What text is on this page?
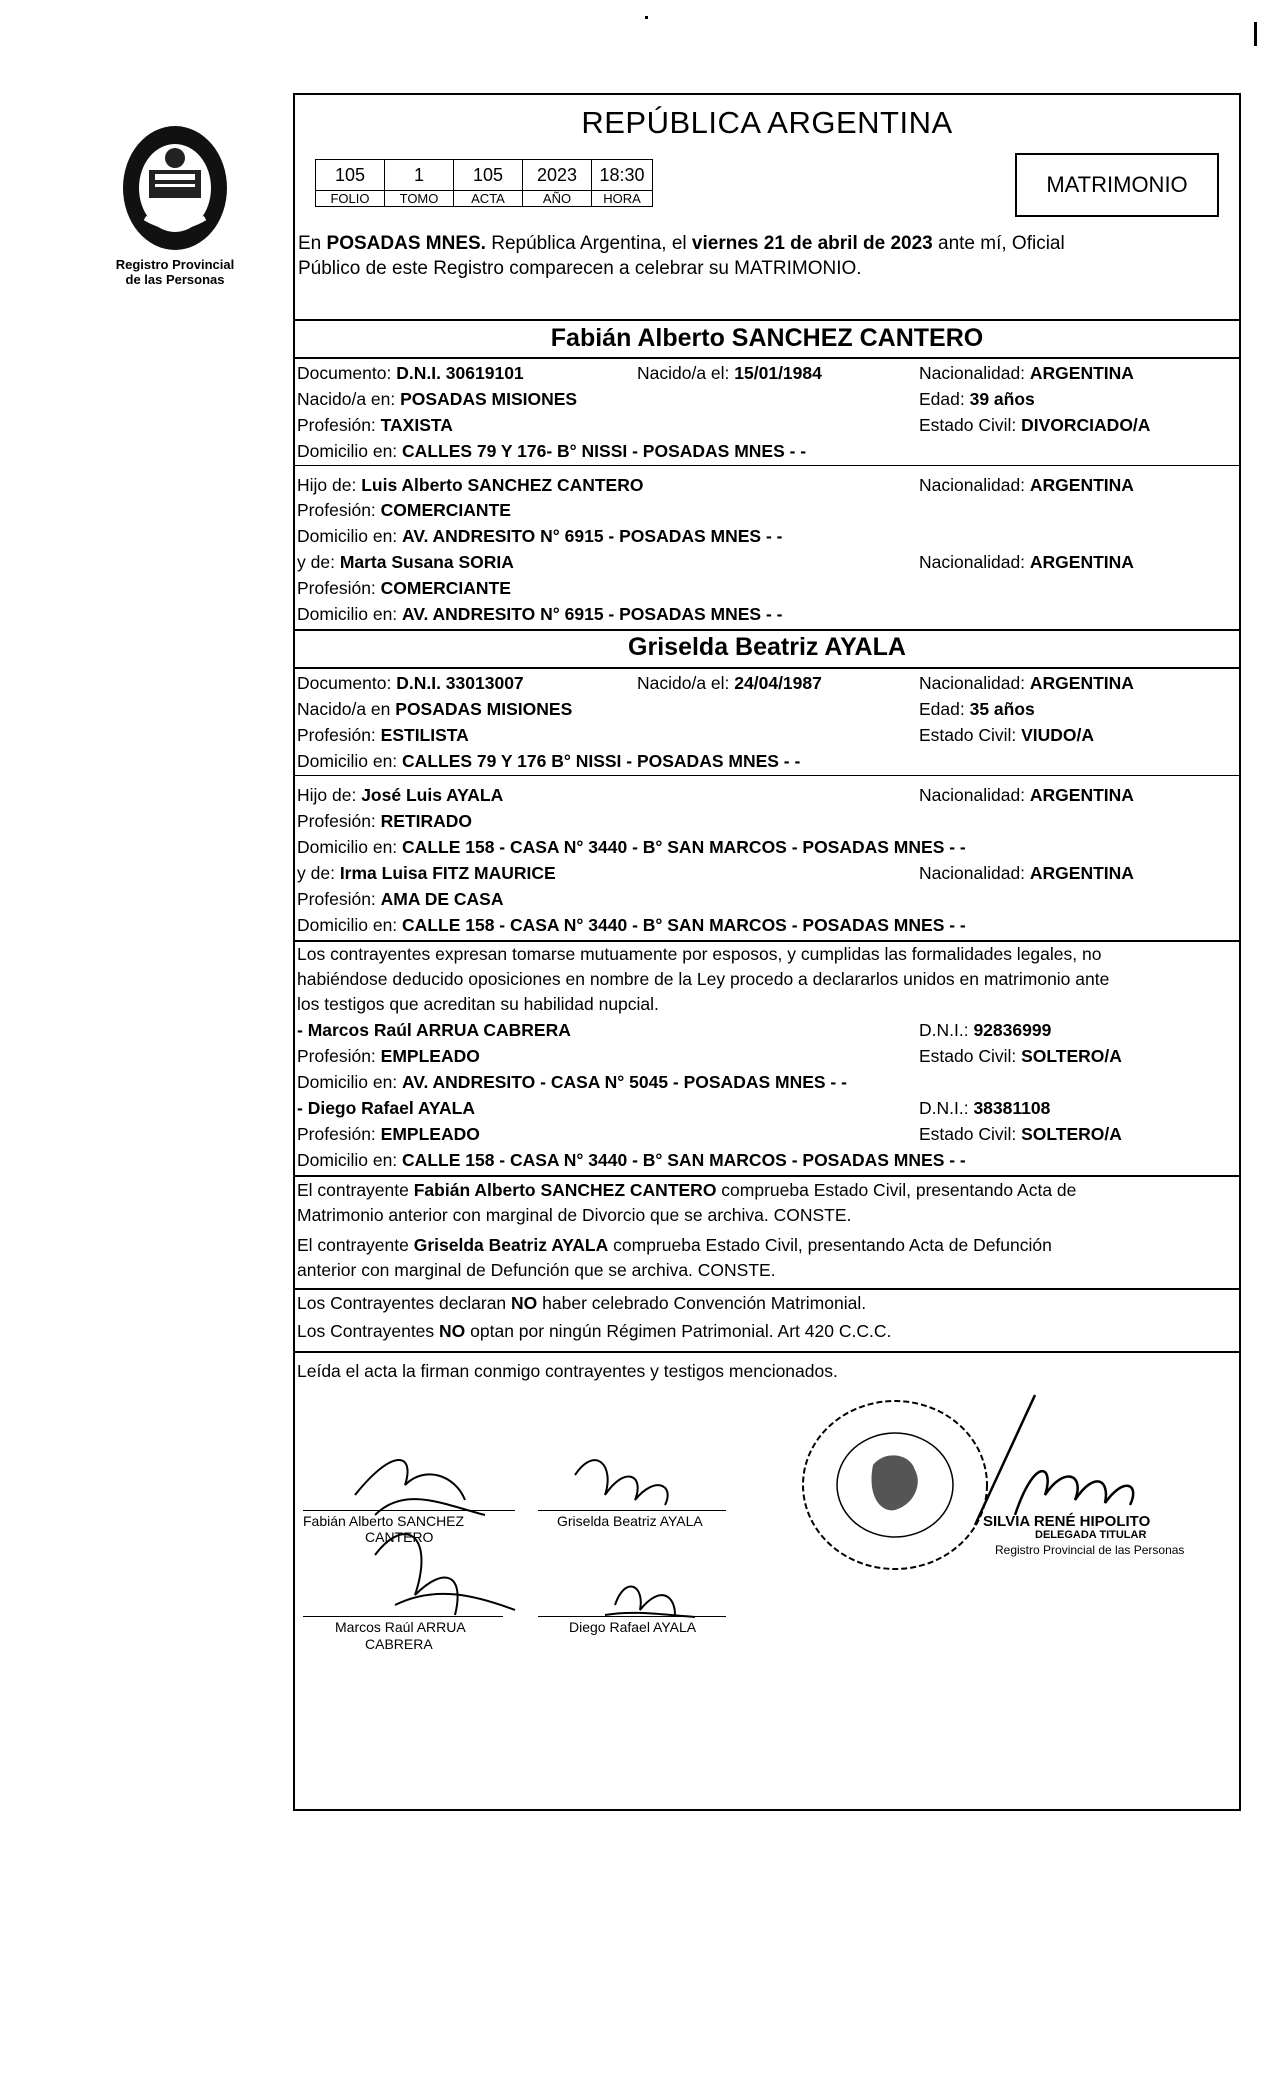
Registro Provincial
de las Personas
REPÚBLICA ARGENTINA
105	1	105	2023	18:30
FOLIO	TOMO	ACTA	AÑO	HORA
MATRIMONIO
En POSADAS MNES. República Argentina, el viernes 21 de abril de 2023 ante mí, Oficial
Público de este Registro comparecen a celebrar su MATRIMONIO.
Fabián Alberto SANCHEZ CANTERO
Documento: D.N.I. 30619101	Nacido/a el: 15/01/1984	Nacionalidad: ARGENTINA
Nacido/a en: POSADAS MISIONES	Edad: 39 años
Profesión: TAXISTA	Estado Civil: DIVORCIADO/A
Domicilio en: CALLES 79 Y 176- B° NISSI - POSADAS MNES - -
Hijo de: Luis Alberto SANCHEZ CANTERO	Nacionalidad: ARGENTINA
Profesión: COMERCIANTE
Domicilio en: AV. ANDRESITO N° 6915 - POSADAS MNES - -
y de: Marta Susana SORIA	Nacionalidad: ARGENTINA
Profesión: COMERCIANTE
Domicilio en: AV. ANDRESITO N° 6915 - POSADAS MNES - -
Griselda Beatriz AYALA
Documento: D.N.I. 33013007	Nacido/a el: 24/04/1987	Nacionalidad: ARGENTINA
Nacido/a en POSADAS MISIONES	Edad: 35 años
Profesión: ESTILISTA	Estado Civil: VIUDO/A
Domicilio en: CALLES 79 Y 176 B° NISSI - POSADAS MNES - -
Hijo de: José Luis AYALA	Nacionalidad: ARGENTINA
Profesión: RETIRADO
Domicilio en: CALLE 158 - CASA N° 3440 - B° SAN MARCOS - POSADAS MNES - -
y de: Irma Luisa FITZ MAURICE	Nacionalidad: ARGENTINA
Profesión: AMA DE CASA
Domicilio en: CALLE 158 - CASA N° 3440 - B° SAN MARCOS - POSADAS MNES - -
Los contrayentes expresan tomarse mutuamente por esposos, y cumplidas las formalidades legales, no
habiéndose deducido oposiciones en nombre de la Ley procedo a declararlos unidos en matrimonio ante
los testigos que acreditan su habilidad nupcial.
- Marcos Raúl ARRUA CABRERA	D.N.I.: 92836999
Profesión: EMPLEADO	Estado Civil: SOLTERO/A
Domicilio en: AV. ANDRESITO - CASA N° 5045 - POSADAS MNES - -
- Diego Rafael AYALA	D.N.I.: 38381108
Profesión: EMPLEADO	Estado Civil: SOLTERO/A
Domicilio en: CALLE 158 - CASA N° 3440 - B° SAN MARCOS - POSADAS MNES - -
El contrayente Fabián Alberto SANCHEZ CANTERO comprueba Estado Civil, presentando Acta de
Matrimonio anterior con marginal de Divorcio que se archiva. CONSTE.
El contrayente Griselda Beatriz AYALA comprueba Estado Civil, presentando Acta de Defunción
anterior con marginal de Defunción que se archiva. CONSTE.
Los Contrayentes declaran NO haber celebrado Convención Matrimonial.
Los Contrayentes NO optan por ningún Régimen Patrimonial. Art 420 C.C.C.
Leída el acta la firman conmigo contrayentes y testigos mencionados.
Fabián Alberto SANCHEZ
CANTERO
Griselda Beatriz AYALA
Marcos Raúl ARRUA
CABRERA
Diego Rafael AYALA
SILVIA RENÉ HIPOLITO
DELEGADA TITULAR
Registro Provincial de las Personas
